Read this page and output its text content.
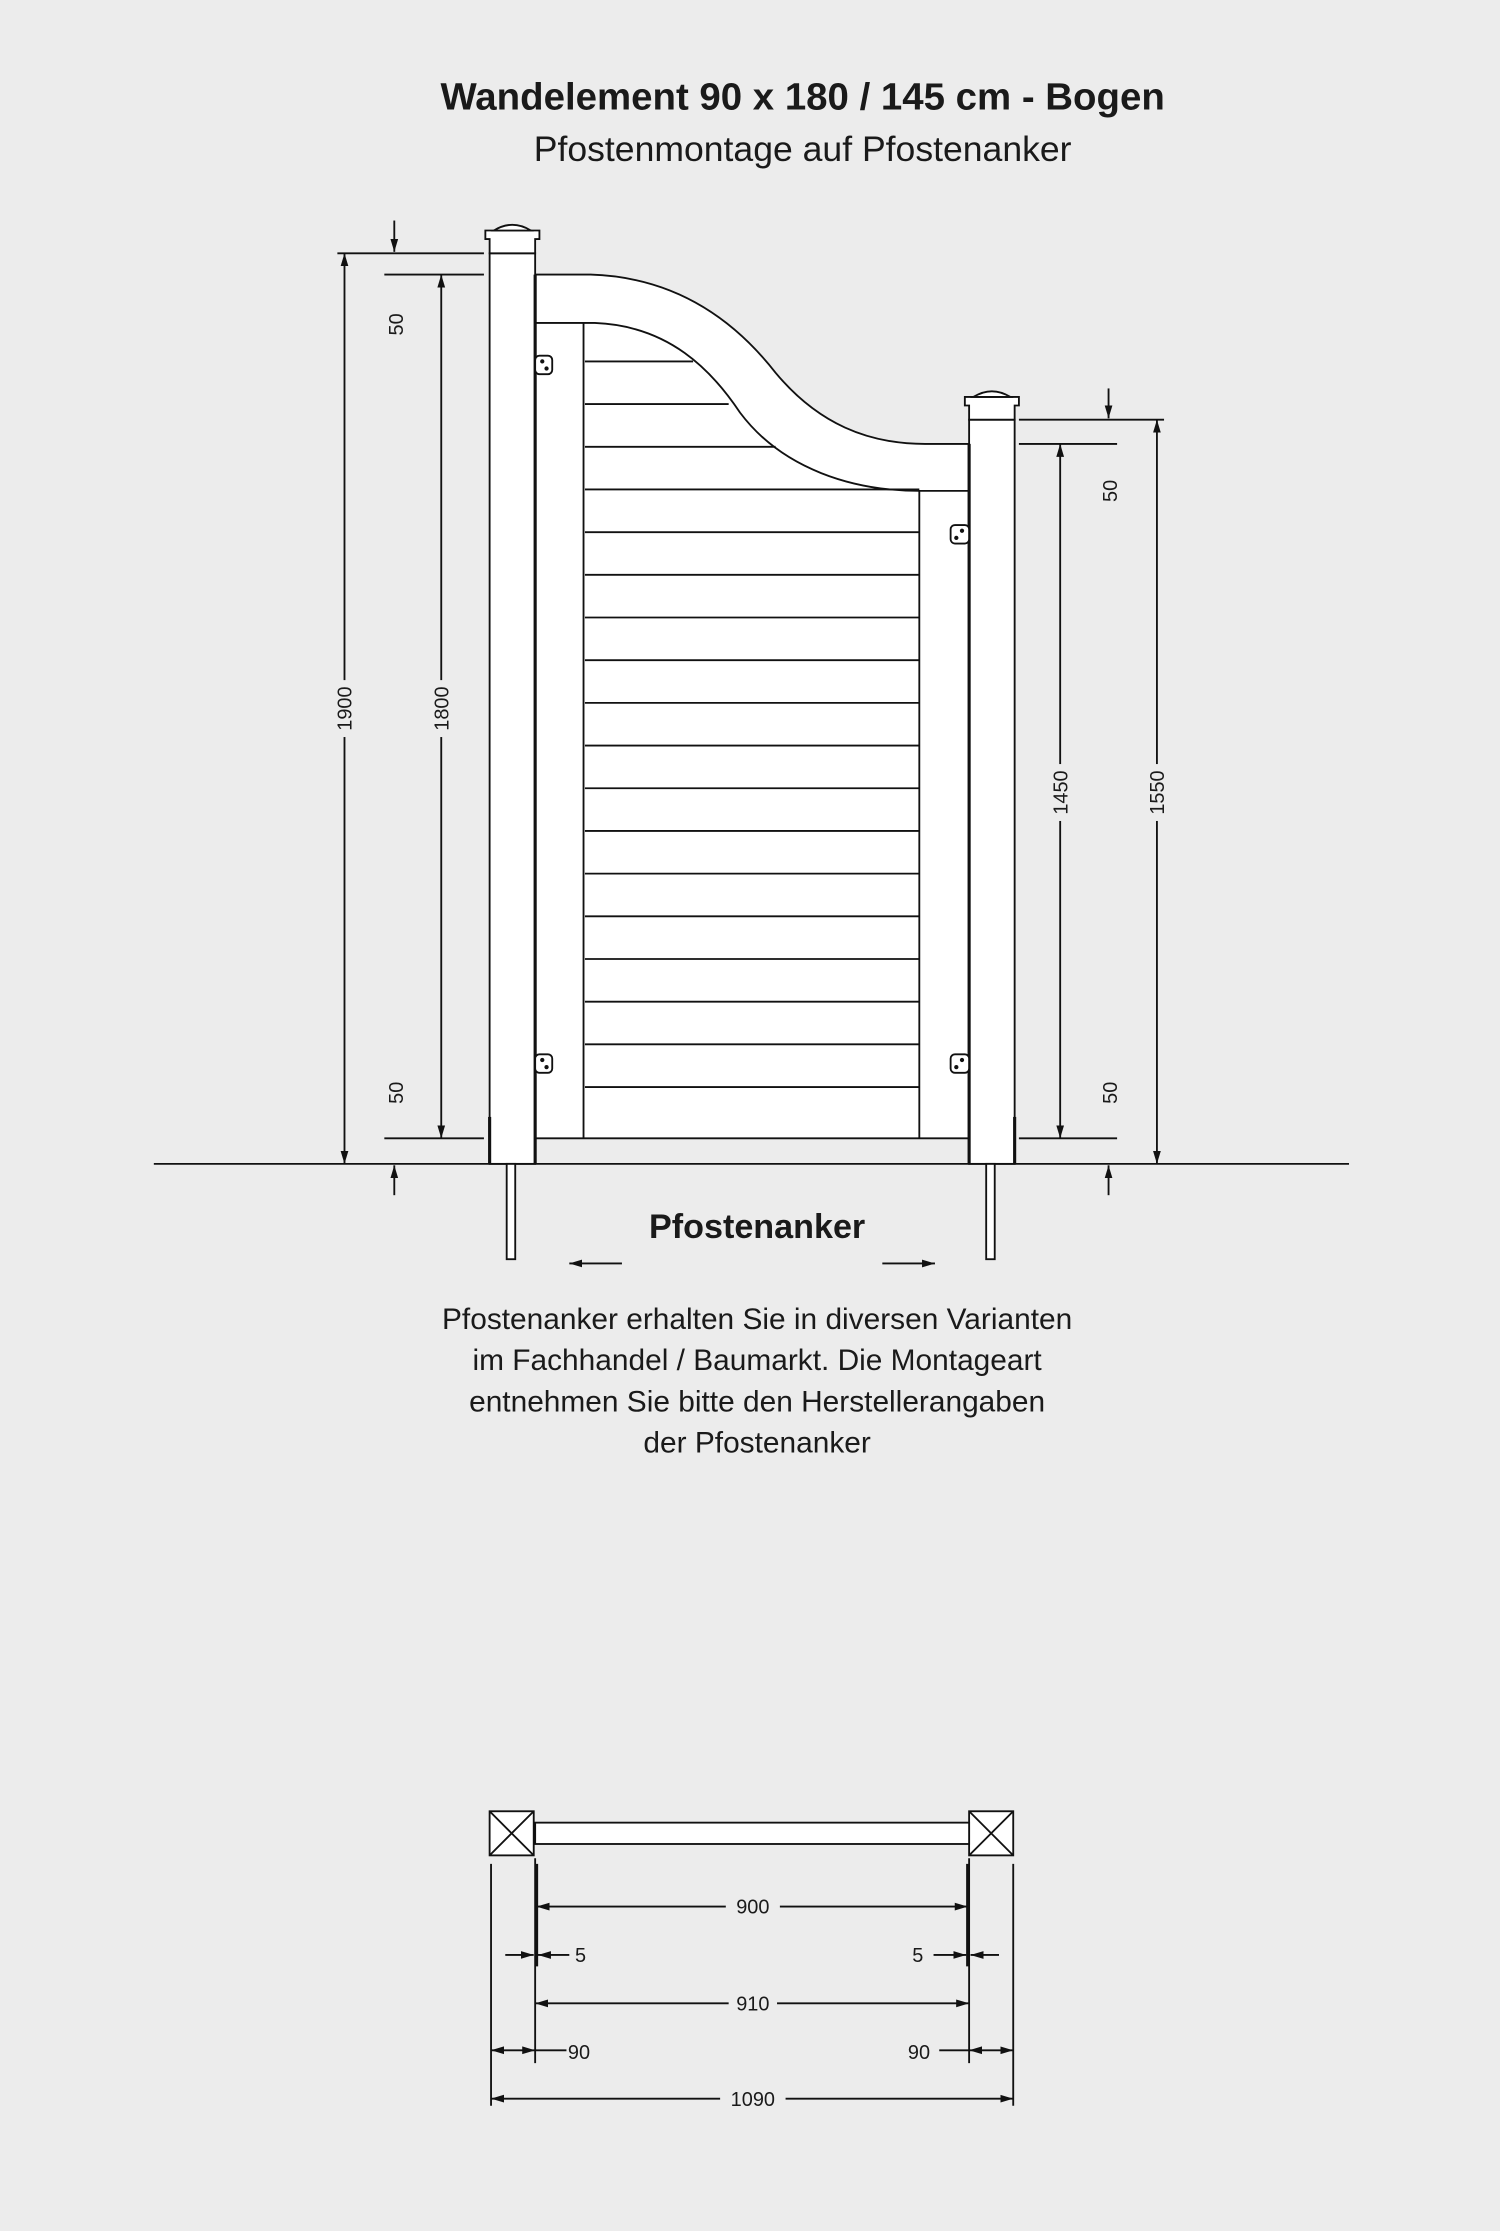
Wandelement 90 x 180 / 145 cm - Bogen
Pfostenmontage auf Pfostenanker
1900	1800
50
50
1450	1550
50
50
Pfostenanker
Pfostenanker erhalten Sie in diversen Varianten
im Fachhandel / Baumarkt. Die Montageart
entnehmen Sie bitte den Herstellerangaben
der Pfostenanker
900
5	5
910
90	90
1090
